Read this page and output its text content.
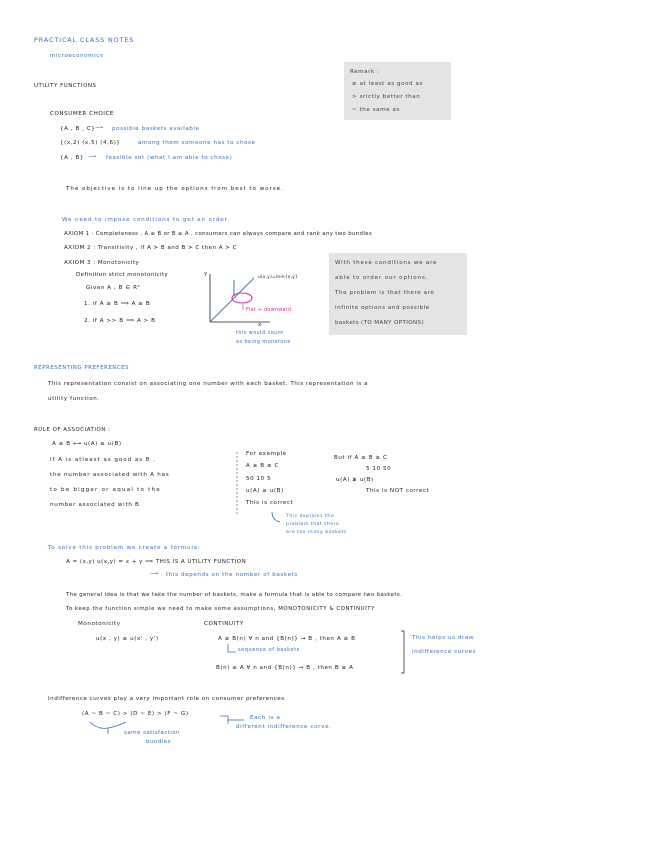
PRACTICAL CLASS NOTES
microeconomics
UTILITY FUNCTIONS
Remark :
≥ at least as good as
> srictly better than
~ the same as
CONSUMER CHOICE
{A , B , C} ⟶ possible baskets available
{(x,2) (x,5) (4,6)}	among them someone has to chose
{A , B} ⟶ feasible set (what I am able to chose)
The objective is to line up the options from best to worse.
We need to impose conditions to get an order
AXIOM 1 : Completeness , A ≥ B or B ≥ A , consumers can always compare and rank any two bundles
AXIOM 2 : Transitivity , if A ≻ B and B ≻ C then A ≻ C
AXIOM 3 : Monotonicity
Definition strict monotonicity
Given A , B ∈ R²
1. if A ≥ B ⟹ A ≥ B
2. if A >> B ⟹ A > B
y
x
u(x,y)=min{x,y}
Flat + downward
this would count
as being monotone
With these conditions we are
able to order our options.
The problem is that there are
infinite options and possible
baskets (TO MANY OPTIONS)
REPRESENTING PREFERENCES
This representation consist on associating one number with each basket. This representation is a
utility function.
RULE OF ASSOCIATION :
A ≥ B ⟷ u(A) ≥ u(B)
If A is atleast as good as B ,
the number associated with A has
to be bigger or equal to the
number associated with B
For example
A ≥ B ≥ C
50 10 5
u(A) ≥ u(B)
This is correct
But if A ≥ B ≥ C
5 10 50
u(A) ≱ u(B)
This is NOT correct
This explains the
problem that there
are too many baskets
To solve this problem we create a formula:
A = (x,y) u(x,y) = x + y ⟹ THIS IS A UTILITY FUNCTION
⟶ this depends on the number of baskets
The general idea is that we take the number of baskets, make a formula that is able to compare two baskets.
To keep the function simple we need to make some assumptions, MONOTONICITY & CONTINUITY
Monotonicity
u(x , y) ≥ u(x' , y')
CONTINUITY
A ≥ B(n) ∀ n and {B(n)} → B , then A ≥ B
sequence of baskets
B(n) ≥ A ∀ n and {B(n)} → B , then B ≥ A
This helps us draw
indifference curves
Indifference curves play a very important role on consumer preferences
(A ~ B ~ C) > (D ~ E) > (F ~ G)
same satisfaction
bundles
Each is a
different indifference curve.
